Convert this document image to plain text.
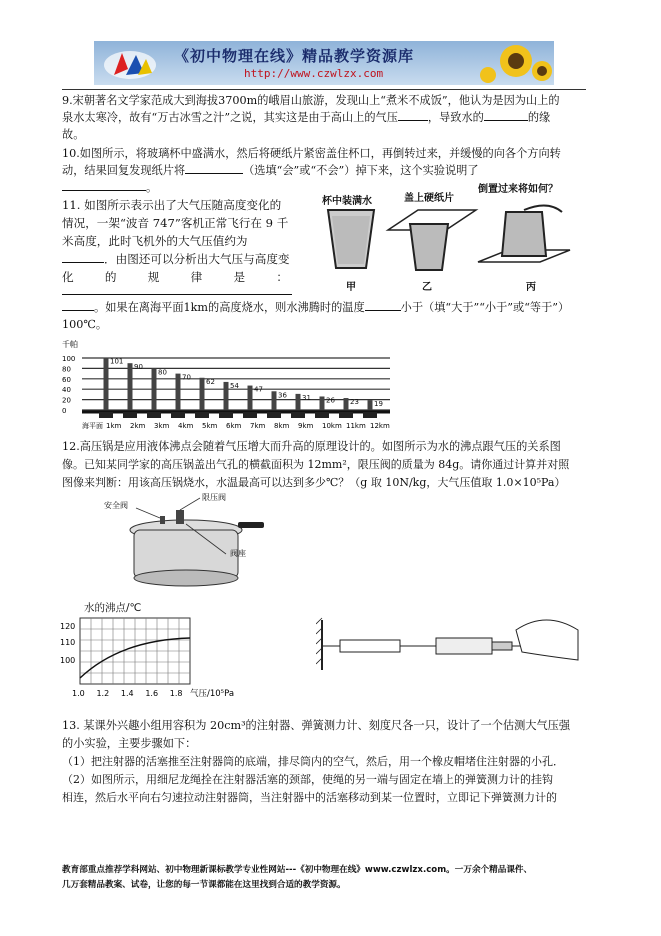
《初中物理在线》精品教学资源库
http://www.czwlzx.com
9.宋朝著名文学家范成大到海拔3700m的峨眉山旅游，发现山上“煮米不成饭”，他认为是因为山上的
泉水太寒冷，故有“万古冰雪之汁”之说，其实这是由于高山上的气压	，导致水的	的缘
故。
10.如图所示，将玻璃杯中盛满水，然后将硬纸片紧密盖住杯口，再倒转过来，并缓慢的向各个方向转
动，结果回复发现纸片将	（选填“会”或“不会”）掉下来，这个实验说明了
。
11. 如图所示表示出了大气压随高度变化的
情况，一架“波音 747”客机正常飞行在 9 千
米高度，此时飞机外的大气压值约为
．由图还可以分析出大气压与高度变
化	的	规	律	是	：
。如果在离海平面1km的高度烧水，则水沸腾时的温度	小于（填“大于”“小于”或“等于”）
100℃。
杯中装满水	盖上硬纸片
倒置过来将如何？
甲	乙	丙
千帕
100
80
60
40
20
0
101
90
80
70
62
54 47
36 31 26 23 19
海平面 1km 2km 3km 4km 5km 6km 7km 8km 9km 10km 11km 12km
12.高压锅是应用液体沸点会随着气压增大而升高的原理设计的。如图所示为水的沸点跟气压的关系图
像。已知某同学家的高压锅盖出气孔的横截面积为 12mm²，限压阀的质量为 84g。请你通过计算并对照
图像来判断：用该高压锅烧水，水温最高可以达到多少℃？（g 取 10N/kg，大气压值取 1.0×10⁵Pa）
安全阀
限压阀
阀座
水的沸点/℃
120
110
100
1.0 1.2 1.4 1.6 1.8 气压/10⁵Pa
13. 某课外兴趣小组用容积为 20cm³的注射器、弹簧测力计、刻度尺各一只，设计了一个估测大气压强
的小实验，主要步骤如下：
（1）把注射器的活塞推至注射器筒的底端，排尽筒内的空气，然后，用一个橡皮帽堵住注射器的小孔．
（2）如图所示，用细尼龙绳拴在注射器活塞的颈部，使绳的另一端与固定在墙上的弹簧测力计的挂钩
相连，然后水平向右匀速拉动注射器筒，当注射器中的活塞移动到某一位置时，立即记下弹簧测力计的
教育部重点推荐学科网站、初中物理新课标教学专业性网站---《初中物理在线》www.czwlzx.com。一万余个精品课件、
几万套精品教案、试卷，让您的每一节课都能在这里找到合适的教学资源。
